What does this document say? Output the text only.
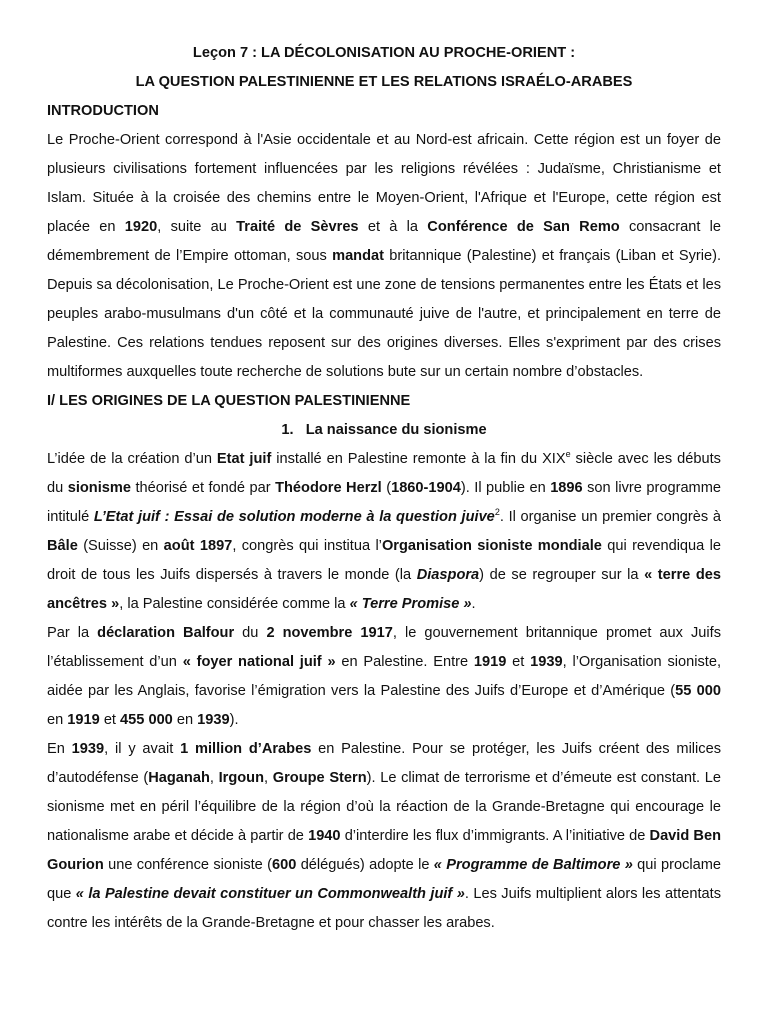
Leçon 7 : LA DÉCOLONISATION AU PROCHE-ORIENT :
LA QUESTION PALESTINIENNE ET LES RELATIONS ISRAÉLO-ARABES
INTRODUCTION

Le Proche-Orient correspond à l'Asie occidentale et au Nord-est africain. Cette région est un foyer de plusieurs civilisations fortement influencées par les religions révélées : Judaïsme, Christianisme et Islam. Située à la croisée des chemins entre le Moyen-Orient, l'Afrique et l'Europe, cette région est placée en 1920, suite au Traité de Sèvres et à la Conférence de San Remo consacrant le démembrement de l’Empire ottoman, sous mandat britannique (Palestine) et français (Liban et Syrie). Depuis sa décolonisation, Le Proche-Orient est une zone de tensions permanentes entre les États et les peuples arabo-musulmans d'un côté et la communauté juive de l'autre, et principalement en terre de Palestine. Ces relations tendues reposent sur des origines diverses. Elles s'expriment par des crises multiformes auxquelles toute recherche de solutions bute sur un certain nombre d’obstacles.

I/ LES ORIGINES DE LA QUESTION PALESTINIENNE
1.   La naissance du sionisme

L’idée de la création d’un Etat juif installé en Palestine remonte à la fin du XIXe siècle avec les débuts du sionisme théorisé et fondé par Théodore Herzl (1860-1904). Il publie en 1896 son livre programme intitulé L’Etat juif : Essai de solution moderne à la question juive$^2$. Il organise un premier congrès à Bâle (Suisse) en août 1897, congrès qui institua l’Organisation sioniste mondiale qui revendiqua le droit de tous les Juifs dispersés à travers le monde (la Diaspora) de se regrouper sur la « terre des ancêtres », la Palestine considérée comme la « Terre Promise ».

Par la déclaration Balfour du 2 novembre 1917, le gouvernement britannique promet aux Juifs l’établissement d’un « foyer national juif » en Palestine. Entre 1919 et 1939, l’Organisation sioniste, aidée par les Anglais, favorise l’émigration vers la Palestine des Juifs d’Europe et d’Amérique (55 000 en 1919 et 455 000 en 1939).

En 1939, il y avait 1 million d’Arabes en Palestine. Pour se protéger, les Juifs créent des milices d’autodéfense (Haganah, Irgoun, Groupe Stern). Le climat de terrorisme et d’émeute est constant. Le sionisme met en péril l’équilibre de la région d’où la réaction de la Grande-Bretagne qui encourage le nationalisme arabe et décide à partir de 1940 d’interdire les flux d’immigrants. A l’initiative de David Ben Gourion une conférence sioniste (600 délégués) adopte le « Programme de Baltimore » qui proclame que « la Palestine devait constituer un Commonwealth juif ». Les Juifs multiplient alors les attentats contre les intérêts de la Grande-Bretagne et pour chasser les arabes.
